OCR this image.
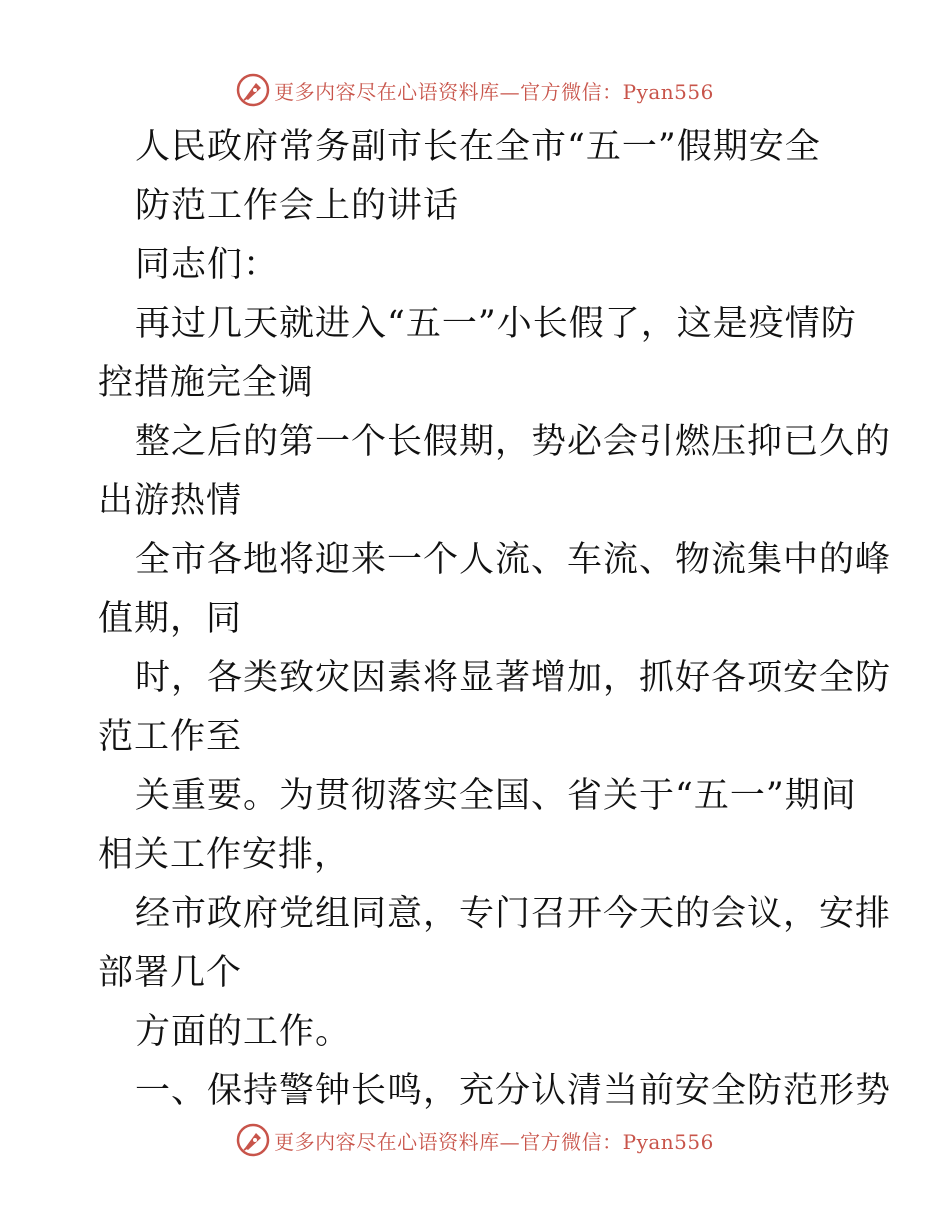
更多内容尽在心语资料库—官方微信：Pyan556
人民政府常务副市长在全市“五一”假期安全
防范工作会上的讲话
同志们：
再过几天就进入“五一”小长假了，这是疫情防
控措施完全调
整之后的第一个长假期，势必会引燃压抑已久的
出游热情
全市各地将迎来一个人流、车流、物流集中的峰
值期，同
时，各类致灾因素将显著增加，抓好各项安全防
范工作至
关重要。为贯彻落实全国、省关于“五一”期间
相关工作安排，
经市政府党组同意，专门召开今天的会议，安排
部署几个
方面的工作。
一、保持警钟长鸣，充分认清当前安全防范形势
更多内容尽在心语资料库—官方微信：Pyan556
